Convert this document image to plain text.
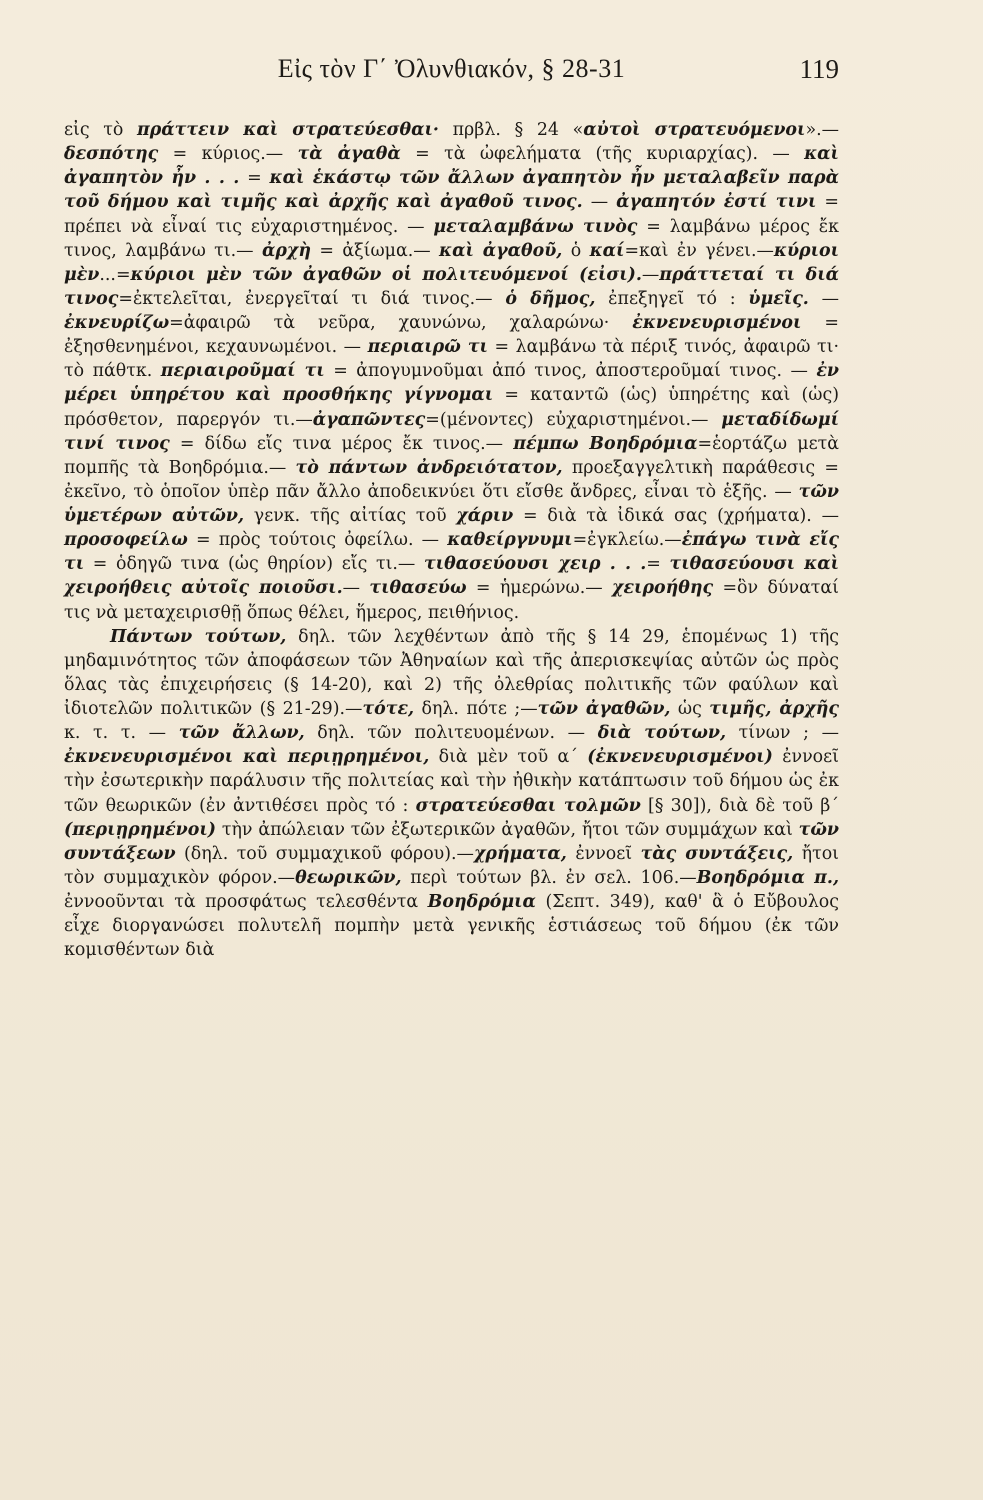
Εἰς τὸν Γ΄ Ὀλυνθιακόν, § 28-31	119

εἰς τὸ πράττειν καὶ στρατεύεσθαι· πρβλ. § 24 «αὐτοὶ στρατευόμενοι».— δεσπότης = κύριος.— τὰ ἀγαθὰ = τὰ ὠφελήματα (τῆς κυριαρχίας). — καὶ ἀγαπητὸν ἦν . . . = καὶ ἑκάστῳ τῶν ἄλλων ἀγαπητὸν ἦν μεταλαβεῖν παρὰ τοῦ δήμου καὶ τιμῆς καὶ ἀρχῆς καὶ ἀγαθοῦ τινος. — ἀγαπητόν ἐστί τινι = πρέπει νὰ εἶναί τις εὐχαριστημένος. — μεταλαμβάνω τινὸς = λαμβάνω μέρος ἔκ τινος, λαμβάνω τι.— ἀρχὴ = ἀξίωμα.— καὶ ἀγαθοῦ, ὁ καί=καὶ ἐν γένει.—κύριοι μὲν...=κύριοι μὲν τῶν ἀγαθῶν οἱ πολιτευόμενοί (εἰσι).—πράττεταί τι διά τινος=ἐκτελεῖται, ἐνεργεῖταί τι διά τινος.— ὁ δῆμος, ἐπεξηγεῖ τό : ὑμεῖς. —ἐκνευρίζω=ἀφαιρῶ τὰ νεῦρα, χαυνώνω, χαλαρώνω· ἐκνενευρισμένοι = ἐξησθενημένοι, κεχαυνωμένοι. — περιαιρῶ τι = λαμβάνω τὰ πέριξ τινός, ἀφαιρῶ τι· τὸ πάθτκ. περιαιροῦμαί τι = ἀπογυμνοῦμαι ἀπό τινος, ἀποστεροῦμαί τινος. — ἐν μέρει ὑπηρέτου καὶ προσθήκης γίγνομαι = καταντῶ (ὡς) ὑπηρέτης καὶ (ὡς) πρόσθετον, παρεργόν τι.—ἀγαπῶντες=(μένοντες) εὐχαριστημένοι.— μεταδίδωμί τινί τινος = δίδω εἴς τινα μέρος ἔκ τινος.— πέμπω Βοηδρόμια=ἑορτάζω μετὰ πομπῆς τὰ Βοηδρόμια.— τὸ πάντων ἀνδρειότατον, προεξαγγελτικὴ παράθεσις = ἐκεῖνο, τὸ ὁποῖον ὑπὲρ πᾶν ἄλλο ἀποδεικνύει ὅτι εἴσθε ἄνδρες, εἶναι τὸ ἑξῆς. — τῶν ὑμετέρων αὐτῶν, γενκ. τῆς αἰτίας τοῦ χάριν = διὰ τὰ ἰδικά σας (χρήματα). — προσοφείλω = πρὸς τούτοις ὀφείλω. — καθείργνυμι=ἐγκλείω.—ἐπάγω τινὰ εἴς τι = ὁδηγῶ τινα (ὡς θηρίον) εἴς τι.— τιθασεύουσι χειρ . . .= τιθασεύουσι καὶ χειροήθεις αὐτοῖς ποιοῦσι.— τιθασεύω = ἡμερώνω.— χειροήθης =ὃν δύναταί τις νὰ μεταχειρισθῇ ὅπως θέλει, ἥμερος, πειθήνιος.

Πάντων τούτων, δηλ. τῶν λεχθέντων ἀπὸ τῆς § 14 29, ἑπομένως 1) τῆς μηδαμινότητος τῶν ἀποφάσεων τῶν Ἀθηναίων καὶ τῆς ἀπερισκεψίας αὐτῶν ὡς πρὸς ὅλας τὰς ἐπιχειρήσεις (§ 14-20), καὶ 2) τῆς ὀλεθρίας πολιτικῆς τῶν φαύλων καὶ ἰδιοτελῶν πολιτικῶν (§ 21-29).—τότε, δηλ. πότε ;—τῶν ἀγαθῶν, ὡς τιμῆς, ἀρχῆς κ. τ. τ. — τῶν ἄλλων, δηλ. τῶν πολιτευομένων. — διὰ τούτων, τίνων ; — ἐκνενευρισμένοι καὶ περιῃρημένοι, διὰ μὲν τοῦ α΄ (ἐκνενευρισμένοι) ἐννοεῖ τὴν ἐσωτερικὴν παράλυσιν τῆς πολιτείας καὶ τὴν ἠθικὴν κατάπτωσιν τοῦ δήμου ὡς ἐκ τῶν θεωρικῶν (ἐν ἀντιθέσει πρὸς τό : στρατεύεσθαι τολμῶν [§ 30]), διὰ δὲ τοῦ β΄ (περιῃρημένοι) τὴν ἀπώλειαν τῶν ἐξωτερικῶν ἀγαθῶν, ἤτοι τῶν συμμάχων καὶ τῶν συντάξεων (δηλ. τοῦ συμμαχικοῦ φόρου).—χρήματα, ἐννοεῖ τὰς συντάξεις, ἤτοι τὸν συμμαχικὸν φόρον.—θεωρικῶν, περὶ τούτων βλ. ἐν σελ. 106.—Βοηδρόμια π., ἐννοοῦνται τὰ προσφάτως τελεσθέντα Βοηδρόμια (Σεπτ. 349), καθ' ἃ ὁ Εὔβουλος εἶχε διοργανώσει πολυτελῆ πομπὴν μετὰ γενικῆς ἑστιάσεως τοῦ δήμου (ἐκ τῶν κομισθέντων διὰ
